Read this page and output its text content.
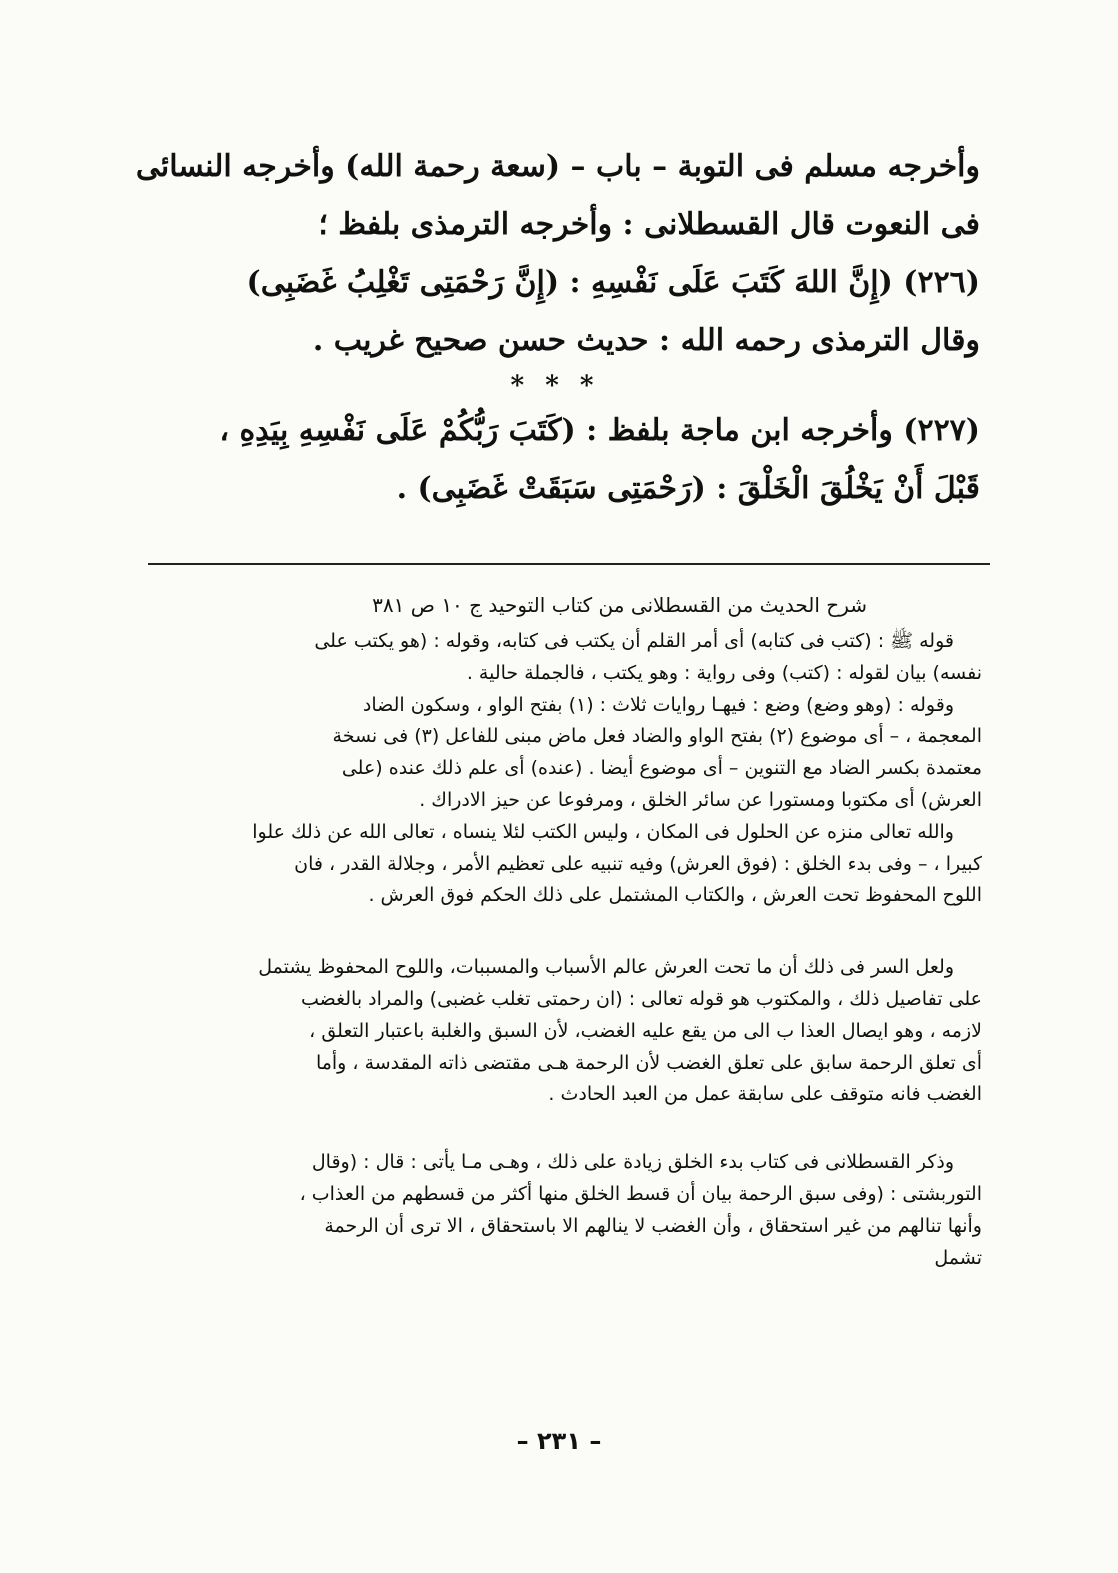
وأخرجه مسلم فى التوبة – باب – (سعة رحمة الله) وأخرجه النسائى

فى النعوت قال القسطلانى : وأخرجه الترمذى بلفظ ؛

(٢٢٦) (إِنَّ اللهَ كَتَبَ عَلَى نَفْسِهِ : (إِنَّ رَحْمَتِى تَغْلِبُ غَضَبِى)

وقال الترمذى رحمه الله : حديث حسن صحيح غريب .

* * *

(٢٢٧) وأخرجه ابن ماجة بلفظ : (كَتَبَ رَبُّكُمْ عَلَى نَفْسِهِ بِيَدِهِ ،

قَبْلَ أَنْ يَخْلُقَ الْخَلْقَ : (رَحْمَتِى سَبَقَتْ غَضَبِى) .

شرح الحديث من القسطلانى من كتاب التوحيد ج ١٠ ص ٣٨١
قوله ﷺ : (كتب فى كتابه) أى أمر القلم أن يكتب فى كتابه، وقوله : (هو يكتب على
نفسه) بيان لقوله : (كتب) وفى رواية : وهو يكتب ، فالجملة حالية .
وقوله : (وهو وضع) وضع : فيهـا روايات ثلاث : (١) بفتح الواو ، وسكون الضاد
المعجمة ، – أى موضوع (٢) بفتح الواو والضاد فعل ماض مبنى للفاعل (٣) فى نسخة
معتمدة بكسر الضاد مع التنوين – أى موضوع أيضا . (عنده) أى علم ذلك عنده (على
العرش) أى مكتوبا ومستورا عن سائر الخلق ، ومرفوعا عن حيز الادراك .
والله تعالى منزه عن الحلول فى المكان ، وليس الكتب لئلا ينساه ، تعالى الله عن ذلك علوا
كبيرا ، – وفى بدء الخلق : (فوق العرش) وفيه تنبيه على تعظيم الأمر ، وجلالة القدر ، فان
اللوح المحفوظ تحت العرش ، والكتاب المشتمل على ذلك الحكم فوق العرش .
ولعل السر فى ذلك أن ما تحت العرش عالم الأسباب والمسببات، واللوح المحفوظ يشتمل
على تفاصيل ذلك ، والمكتوب هو قوله تعالى : (ان رحمتى تغلب غضبى) والمراد بالغضب
لازمه ، وهو ايصال العذا ب الى من يقع عليه الغضب، لأن السبق والغلبة باعتبار التعلق ،
أى تعلق الرحمة سابق على تعلق الغضب لأن الرحمة هـى مقتضى ذاته المقدسة ، وأما
الغضب فانه متوقف على سابقة عمل من العبد الحادث .
وذكر القسطلانى فى كتاب بدء الخلق زيادة على ذلك ، وهـى مـا يأتى : قال : (وقال
التوربشتى : (وفى سبق الرحمة بيان أن قسط الخلق منها أكثر من قسطهم من العذاب ،
وأنها تنالهم من غير استحقاق ، وأن الغضب لا ينالهم الا باستحقاق ، الا ترى أن الرحمة
تشمل
– ٢٣١ –
